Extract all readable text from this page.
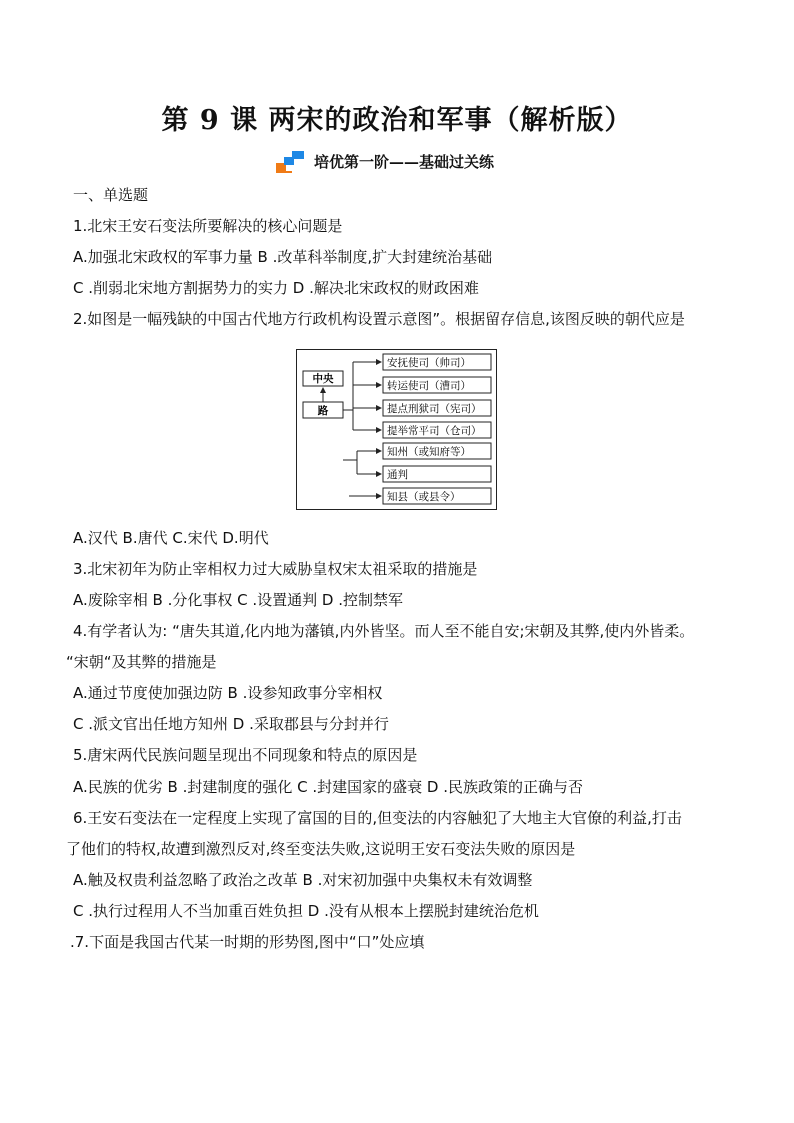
第 9 课 两宋的政治和军事（解析版）
培优第一阶——基础过关练
一、单选题
1.北宋王安石变法所要解决的核心问题是
A.加强北宋政权的军事力量 B .改革科举制度,扩大封建统治基础
C .削弱北宋地方割据势力的实力 D .解决北宋政权的财政困难
2.如图是一幅残缺的中国古代地方行政机构设置示意图”。根据留存信息,该图反映的朝代应是
中央
路
安抚使司（帅司）
转运使司（漕司）
提点刑狱司（宪司）
提举常平司（仓司）
知州（或知府等）
通判
知县（或县令）
A.汉代 B.唐代 C.宋代 D.明代
3.北宋初年为防止宰相权力过大威胁皇权宋太祖采取的措施是
A.废除宰相 B .分化事权 C .设置通判 D .控制禁军
4.有学者认为: “唐失其道,化内地为藩镇,内外皆坚。而人至不能自安;宋朝及其弊,使内外皆柔。
“宋朝“及其弊的措施是
A.通过节度使加强边防 B .设参知政事分宰相权
C .派文官出任地方知州 D .采取郡县与分封并行
5.唐宋两代民族问题呈现出不同现象和特点的原因是
A.民族的优劣 B .封建制度的强化 C .封建国家的盛衰 D .民族政策的正确与否
6.王安石变法在一定程度上实现了富国的目的,但变法的内容触犯了大地主大官僚的利益,打击
了他们的特权,故遭到激烈反对,终至变法失败,这说明王安石变法失败的原因是
A.触及权贵利益忽略了政治之改革 B .对宋初加强中央集权未有效调整
C .执行过程用人不当加重百姓负担 D .没有从根本上摆脱封建统治危机
.7.下面是我国古代某一时期的形势图,图中“口”处应填
